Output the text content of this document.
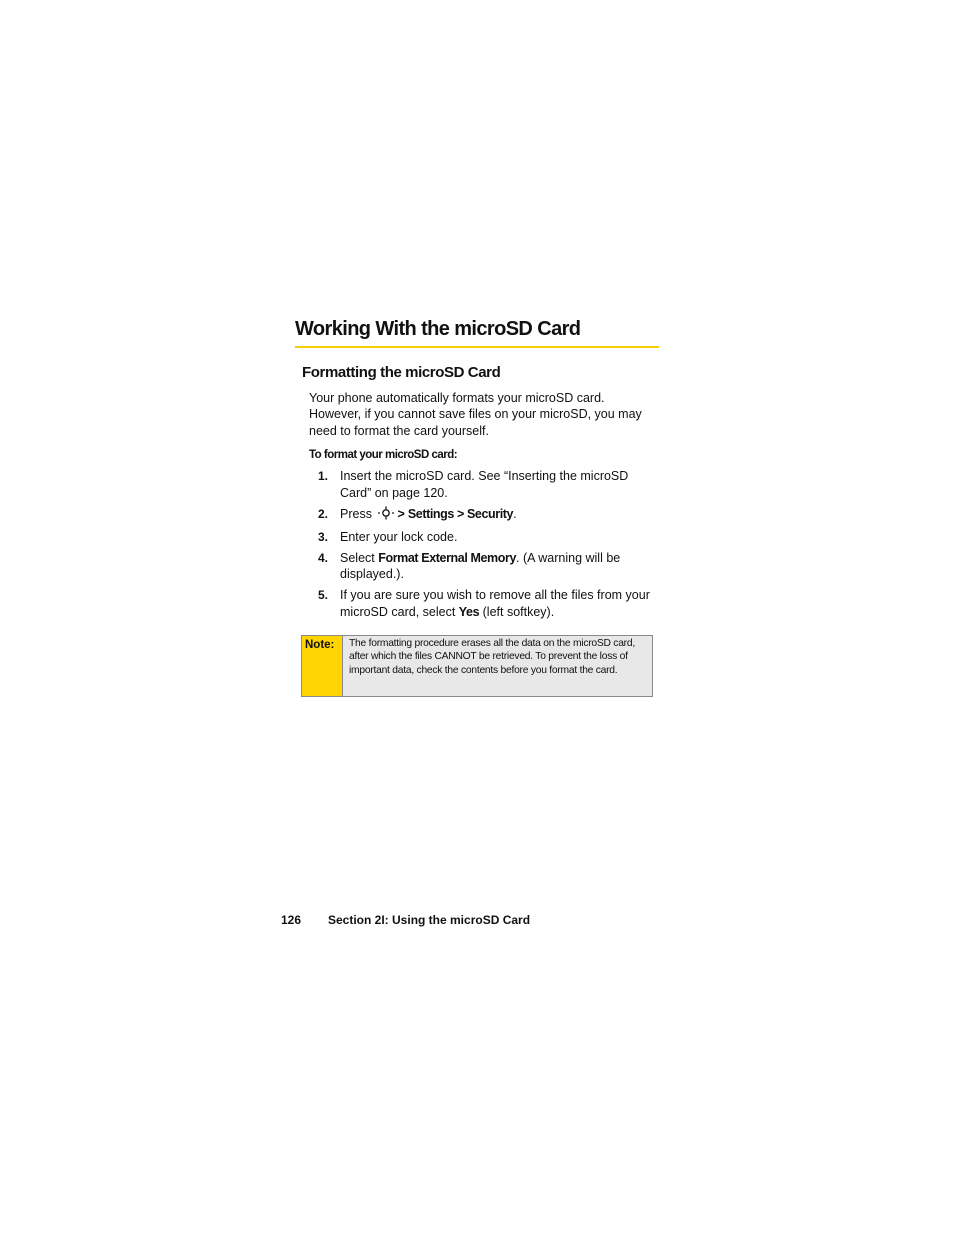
Working With the microSD Card
Formatting the microSD Card

Your phone automatically formats your microSD card. However, if you cannot save files on your microSD, you may need to format the card yourself.

To format your microSD card:

1. Insert the microSD card. See “Inserting the microSD Card” on page 120.
2. Press > Settings > Security.
3. Enter your lock code.
4. Select Format External Memory. (A warning will be displayed.).
5. If you are sure you wish to remove all the files from your microSD card, select Yes (left softkey).
Note:	The formatting procedure erases all the data on the microSD card, after which the files CANNOT be retrieved. To prevent the loss of important data, check the contents before you format the card.
126 Section 2I: Using the microSD Card
